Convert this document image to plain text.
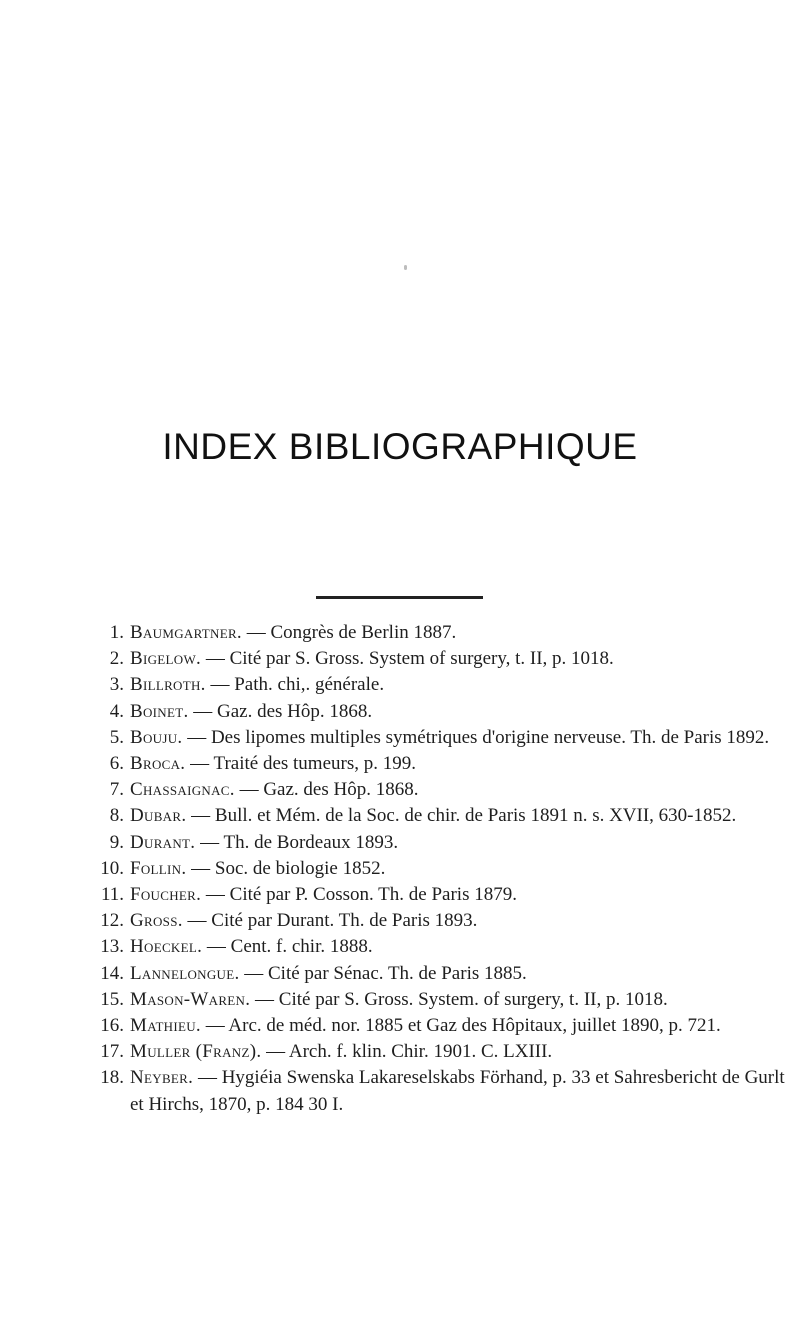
INDEX BIBLIOGRAPHIQUE
1. Baumgartner. — Congrès de Berlin 1887.
2. Bigelow. — Cité par S. Gross. System of surgery, t. II, p. 1018.
3. Billroth. — Path. chi,. générale.
4. Boinet. — Gaz. des Hôp. 1868.
5. Bouju. — Des lipomes multiples symétriques d'origine nerveuse. Th. de Paris 1892.
6. Broca. — Traité des tumeurs, p. 199.
7. Chassaignac. — Gaz. des Hôp. 1868.
8. Dubar. — Bull. et Mém. de la Soc. de chir. de Paris 1891 n. s. XVII, 630-1852.
9. Durant. — Th. de Bordeaux 1893.
10. Follin. — Soc. de biologie 1852.
11. Foucher. — Cité par P. Cosson. Th. de Paris 1879.
12. Gross. — Cité par Durant. Th. de Paris 1893.
13. Hoeckel. — Cent. f. chir. 1888.
14. Lannelongue. — Cité par Sénac. Th. de Paris 1885.
15. Mason-Waren. — Cité par S. Gross. System. of surgery, t. II, p. 1018.
16. Mathieu. — Arc. de méd. nor. 1885 et Gaz des Hôpitaux, juillet 1890, p. 721.
17. Muller (Franz). — Arch. f. klin. Chir. 1901. C. LXIII.
18. Neyber. — Hygiéia Swenska Lakareselskabs Förhand, p. 33 et Sahresbericht de Gurlt et Hirchs, 1870, p. 184 30 I.
